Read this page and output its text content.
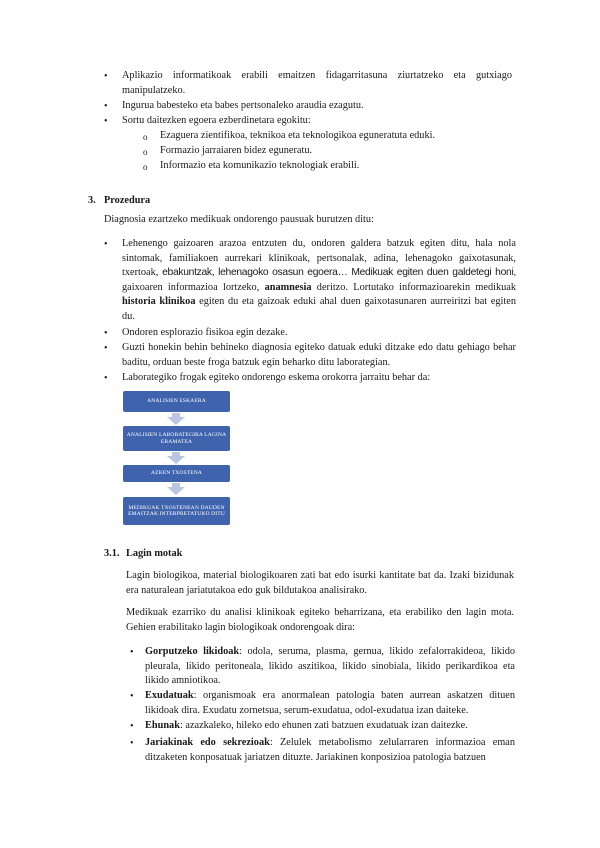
• Aplikazio informatikoak erabili emaitzen fidagarritasuna ziurtatzeko eta gutxiago manipulatzeko.

• Ingurua babesteko eta babes pertsonaleko araudia ezagutu.

• Sortu daitezken egoera ezberdinetara egokitu:

o Ezaguera zientifikoa, teknikoa eta teknologikoa eguneratuta eduki.

o Formazio jarraiaren bidez eguneratu.

o Informazio eta komunikazio teknologiak erabili.

3. Prozedura

Diagnosia ezartzeko medikuak ondorengo pausuak burutzen ditu:

• Lehenengo gaizoaren arazoa entzuten du, ondoren galdera batzuk egiten ditu, hala nola sintomak, familiakoen aurrekari klinikoak, pertsonalak, adina, lehenagoko gaixotasunak, txertoak, ebakuntzak, lehenagoko osasun egoera… Medikuak egiten duen galdetegi honi, gaixoaren informazioa lortzeko, anamnesia deritzo. Lortutako informazioarekin medikuak historia klinikoa egiten du eta gaizoak eduki ahal duen gaixotasunaren aurreiritzi bat egiten du.

• Ondoren esplorazio fisikoa egin dezake.

• Guzti honekin behin behineko diagnosia egiteko datuak eduki ditzake edo datu gehiago behar baditu, orduan beste froga batzuk egin beharko ditu laborategian.

• Laborategiko frogak egiteko ondorengo eskema orokorra jarraitu behar da:

ANALISIEN ESKAERA
ANALISIEN LABORATEGIRA LAGINA ERAMATEA
AZKEN TXOSTENA
MEDIKUAK TXOSTENEAN DAUDEN EMAITZAK INTERPRETATUKO DITU
3.1. Lagin motak

Lagin biologikoa, material biologikoaren zati bat edo isurki kantitate bat da. Izaki bizidunak era naturalean jariatutakoa edo guk bildutakoa analisirako.

Medikuak ezarriko du analisi klinikoak egiteko beharrizana, eta erabiliko den lagin mota. Gehien erabilitako lagin biologikoak ondorengoak dira:

• Gorputzeko likidoak: odola, seruma, plasma, gernua, likido zefalorrakideoa, likido pleurala, likido peritoneala, likido aszitikoa, likido sinobiala, likido perikardikoa eta likido amniotikoa.

• Exudatuak: organismoak era anormalean patologia baten aurrean askatzen dituen likidoak dira. Exudatu zornetsua, serum-exudatua, odol-exudatua izan daiteke.

• Ehunak: azazkaleko, hileko edo ehunen zati batzuen exudatuak izan daitezke.

• Jariakinak edo sekrezioak: Zelulek metabolismo zelularraren informazioa eman ditzaketen konposatuak jariatzen dituzte. Jariakinen konposizioa patologia batzuen
